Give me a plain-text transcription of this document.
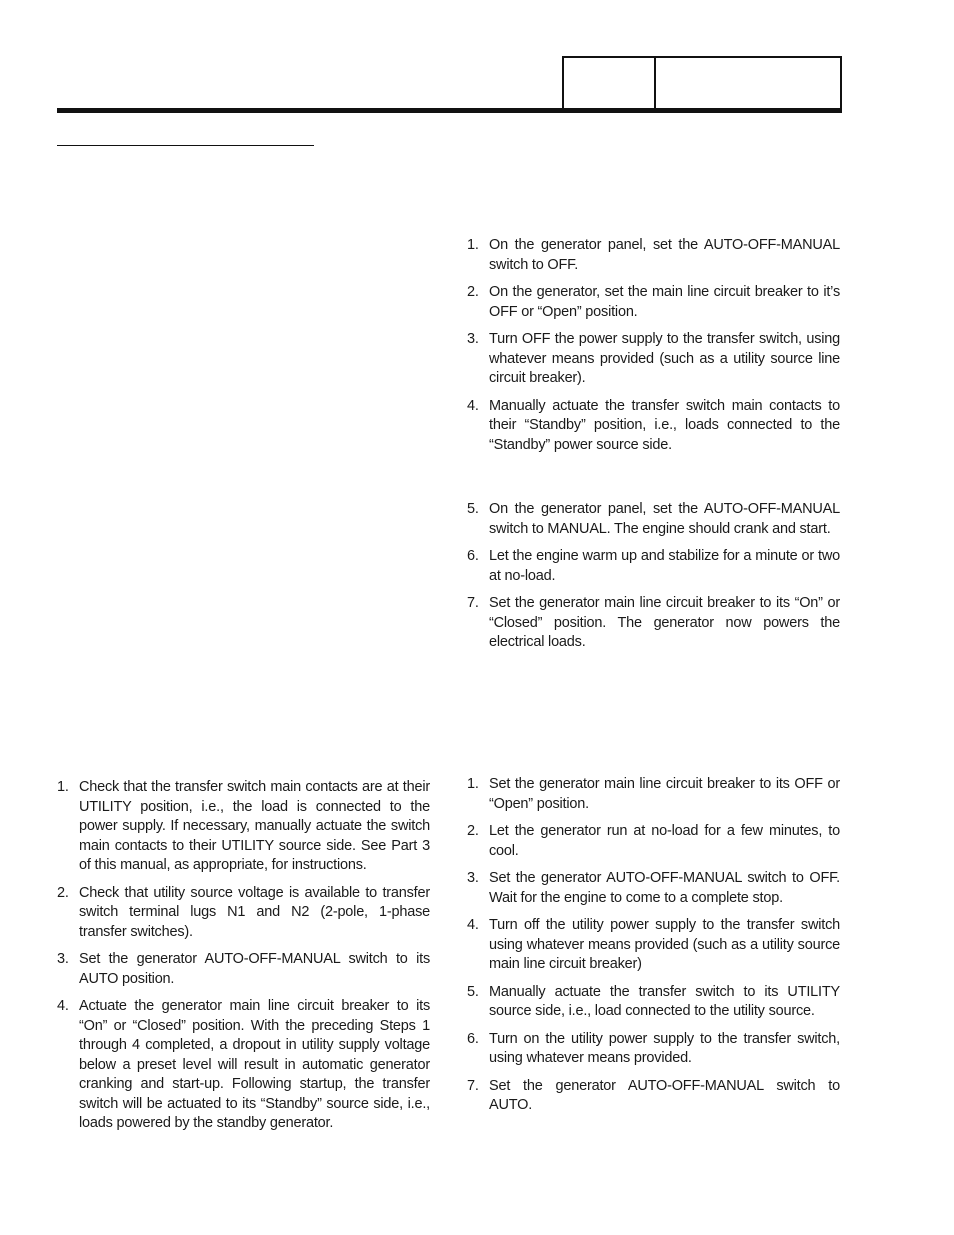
1. On the generator panel, set the AUTO-OFF-MANUAL switch to OFF.
2. On the generator, set the main line circuit breaker to it’s OFF or “Open” position.
3. Turn OFF the power supply to the transfer switch, using whatever means provided (such as a utility source line circuit breaker).
4. Manually actuate the transfer switch main contacts to their “Standby” position, i.e., loads connected to the “Standby” power source side.
5. On the generator panel, set the AUTO-OFF-MANUAL switch to MANUAL. The engine should crank and start.
6. Let the engine warm up and stabilize for a minute or two at no-load.
7. Set the generator main line circuit breaker to its “On” or “Closed” position. The generator now powers the electrical loads.
1. Check that the transfer switch main contacts are at their UTILITY position, i.e., the load is connected to the power supply. If necessary, manually actuate the switch main contacts to their UTILITY source side. See Part 3 of this manual, as appropriate, for instructions.
2. Check that utility source voltage is available to transfer switch terminal lugs N1 and N2 (2-pole, 1-phase transfer switches).
3. Set the generator AUTO-OFF-MANUAL switch to its AUTO position.
4. Actuate the generator main line circuit breaker to its “On” or “Closed” position. With the preceding Steps 1 through 4 completed, a dropout in utility supply voltage below a preset level will result in automatic generator cranking and start-up. Following startup, the transfer switch will be actuated to its “Standby” source side, i.e., loads powered by the standby generator.
1. Set the generator main line circuit breaker to its OFF or “Open” position.
2. Let the generator run at no-load for a few minutes, to cool.
3. Set the generator AUTO-OFF-MANUAL switch to OFF. Wait for the engine to come to a complete stop.
4. Turn off the utility power supply to the transfer switch using whatever means provided (such as a utility source main line circuit breaker)
5. Manually actuate the transfer switch to its UTILITY source side, i.e., load connected to the utility source.
6. Turn on the utility power supply to the transfer switch, using whatever means provided.
7. Set the generator AUTO-OFF-MANUAL switch to AUTO.
